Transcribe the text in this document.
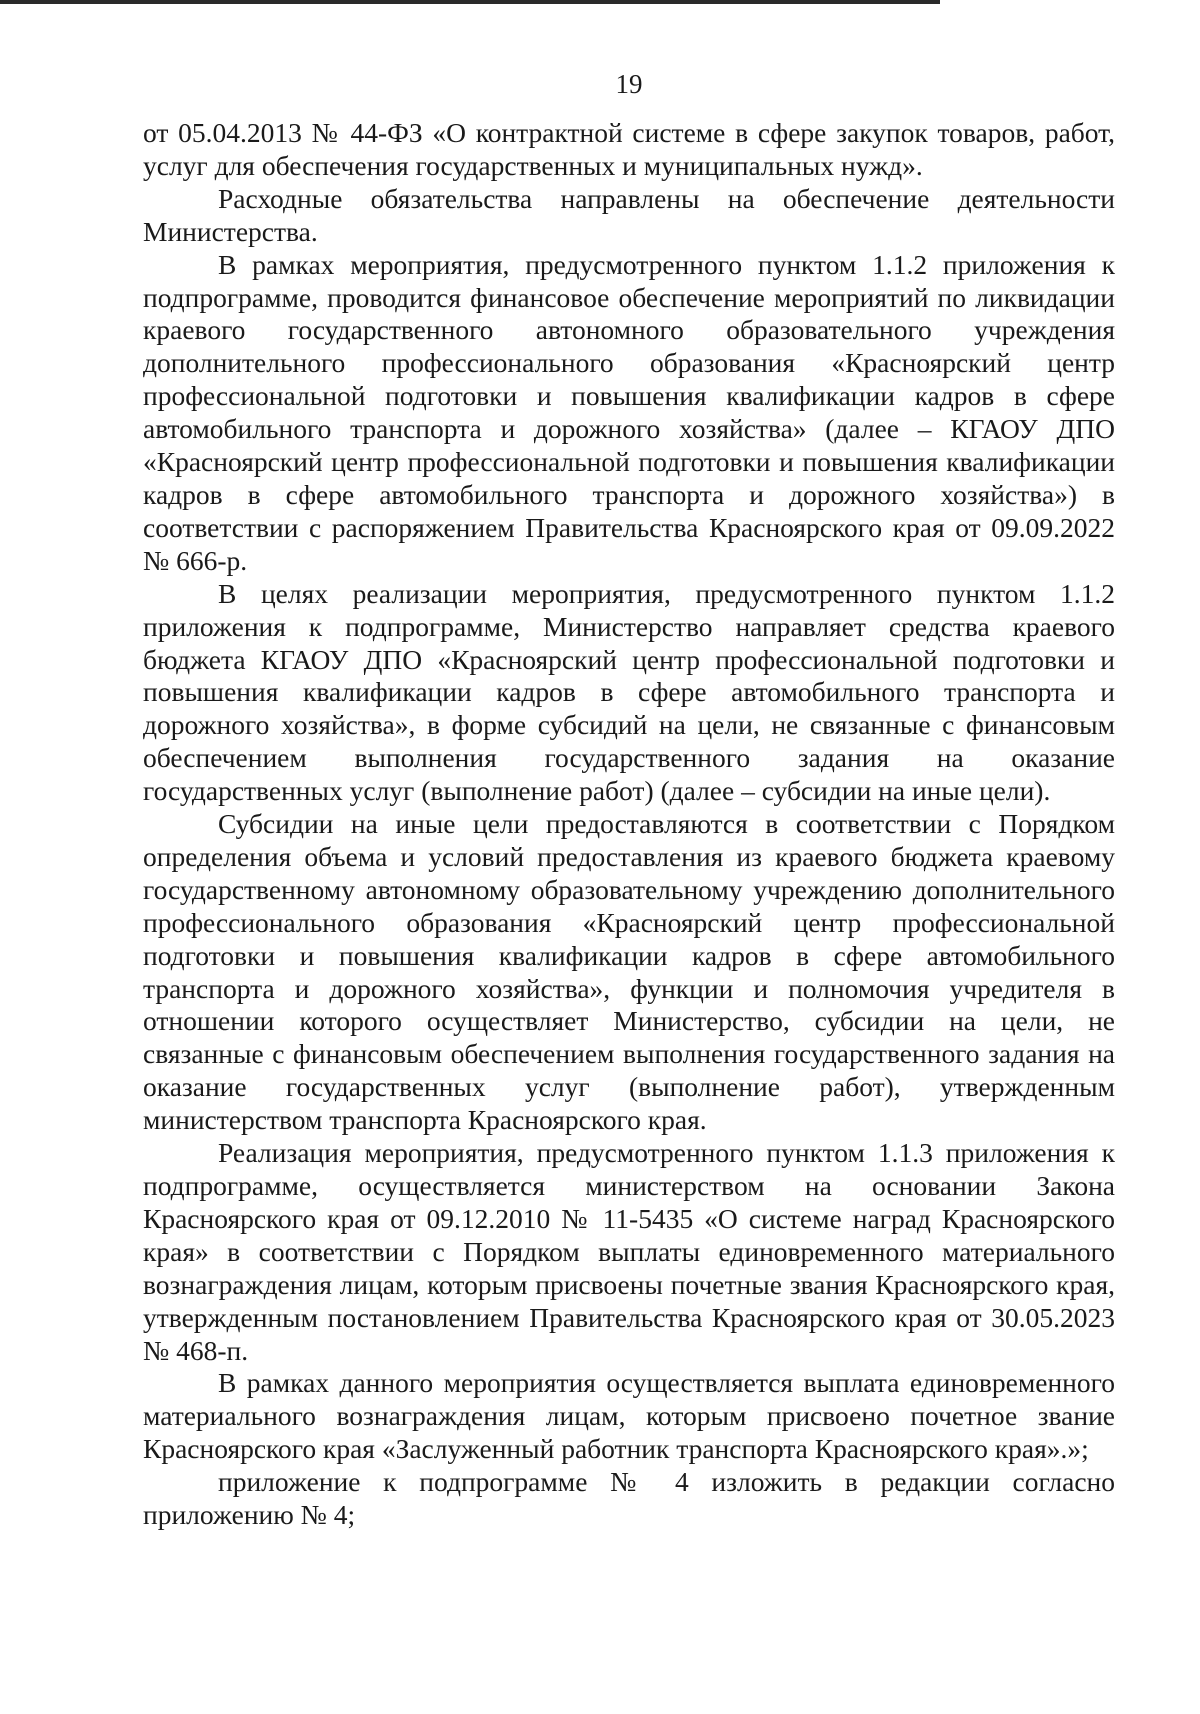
19

от 05.04.2013 № 44-ФЗ «О контрактной системе в сфере закупок товаров, работ, услуг для обеспечения государственных и муниципальных нужд».

Расходные обязательства направлены на обеспечение деятельности Министерства.

В рамках мероприятия, предусмотренного пунктом 1.1.2 приложения к подпрограмме, проводится финансовое обеспечение мероприятий по ликвидации краевого государственного автономного образовательного учреждения дополнительного профессионального образования «Красноярский центр профессиональной подготовки и повышения квалификации кадров в сфере автомобильного транспорта и дорожного хозяйства» (далее – КГАОУ ДПО «Красноярский центр профессиональной подготовки и повышения квалификации кадров в сфере автомобильного транспорта и дорожного хозяйства») в соответствии с распоряжением Правительства Красноярского края от 09.09.2022 № 666-р.

В целях реализации мероприятия, предусмотренного пунктом 1.1.2 приложения к подпрограмме, Министерство направляет средства краевого бюджета КГАОУ ДПО «Красноярский центр профессиональной подготовки и повышения квалификации кадров в сфере автомобильного транспорта и дорожного хозяйства», в форме субсидий на цели, не связанные с финансовым обеспечением выполнения государственного задания на оказание государственных услуг (выполнение работ) (далее – субсидии на иные цели).

Субсидии на иные цели предоставляются в соответствии с Порядком определения объема и условий предоставления из краевого бюджета краевому государственному автономному образовательному учреждению дополнительного профессионального образования «Красноярский центр профессиональной подготовки и повышения квалификации кадров в сфере автомобильного транспорта и дорожного хозяйства», функции и полномочия учредителя в отношении которого осуществляет Министерство, субсидии на цели, не связанные с финансовым обеспечением выполнения государственного задания на оказание государственных услуг (выполнение работ), утвержденным министерством транспорта Красноярского края.

Реализация мероприятия, предусмотренного пунктом 1.1.3 приложения к подпрограмме, осуществляется министерством на основании Закона Красноярского края от 09.12.2010 № 11-5435 «О системе наград Красноярского края» в соответствии с Порядком выплаты единовременного материального вознаграждения лицам, которым присвоены почетные звания Красноярского края, утвержденным постановлением Правительства Красноярского края от 30.05.2023 № 468-п.

В рамках данного мероприятия осуществляется выплата единовременного материального вознаграждения лицам, которым присвоено почетное звание Красноярского края «Заслуженный работник транспорта Красноярского края».»;

приложение к подпрограмме № 4 изложить в редакции согласно приложению № 4;
